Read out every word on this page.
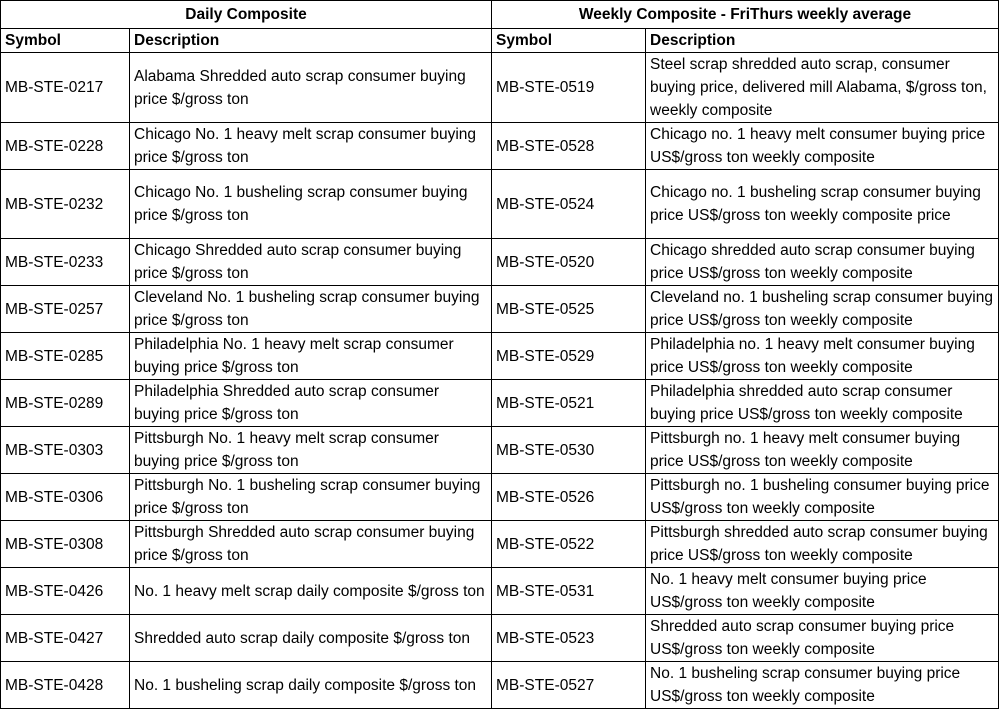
Daily Composite		Weekly Composite - FriThurs weekly average	
Symbol	Description	Symbol	Description
MB-STE-0217	Alabama Shredded auto scrap consumer buying price $/gross ton	MB-STE-0519	Steel scrap shredded auto scrap, consumer buying price, delivered mill Alabama, $/gross ton, weekly composite
MB-STE-0228	Chicago No. 1 heavy melt scrap consumer buying price $/gross ton	MB-STE-0528	Chicago no. 1 heavy melt consumer buying price US$/gross ton weekly composite
MB-STE-0232	Chicago No. 1 busheling scrap consumer buying price $/gross ton	MB-STE-0524	Chicago no. 1 busheling scrap consumer buying price US$/gross ton weekly composite price
MB-STE-0233	Chicago Shredded auto scrap consumer buying price $/gross ton	MB-STE-0520	Chicago shredded auto scrap consumer buying price US$/gross ton weekly composite
MB-STE-0257	Cleveland No. 1 busheling scrap consumer buying price $/gross ton	MB-STE-0525	Cleveland no. 1 busheling scrap consumer buying price US$/gross ton weekly composite
MB-STE-0285	Philadelphia No. 1 heavy melt scrap consumer buying price $/gross ton	MB-STE-0529	Philadelphia no. 1 heavy melt consumer buying price US$/gross ton weekly composite
MB-STE-0289	Philadelphia Shredded auto scrap consumer buying price $/gross ton	MB-STE-0521	Philadelphia shredded auto scrap consumer buying price US$/gross ton weekly composite
MB-STE-0303	Pittsburgh No. 1 heavy melt scrap consumer buying price $/gross ton	MB-STE-0530	Pittsburgh no. 1 heavy melt consumer buying price US$/gross ton weekly composite
MB-STE-0306	Pittsburgh No. 1 busheling scrap consumer buying price $/gross ton	MB-STE-0526	Pittsburgh no. 1 busheling consumer buying price US$/gross ton weekly composite
MB-STE-0308	Pittsburgh Shredded auto scrap consumer buying price $/gross ton	MB-STE-0522	Pittsburgh shredded auto scrap consumer buying price US$/gross ton weekly composite
MB-STE-0426	No. 1 heavy melt scrap daily composite $/gross ton	MB-STE-0531	No. 1 heavy melt consumer buying price US$/gross ton weekly composite
MB-STE-0427	Shredded auto scrap daily composite $/gross ton	MB-STE-0523	Shredded auto scrap consumer buying price US$/gross ton weekly composite
MB-STE-0428	No. 1 busheling scrap daily composite $/gross ton	MB-STE-0527	No. 1 busheling scrap consumer buying price US$/gross ton weekly composite
